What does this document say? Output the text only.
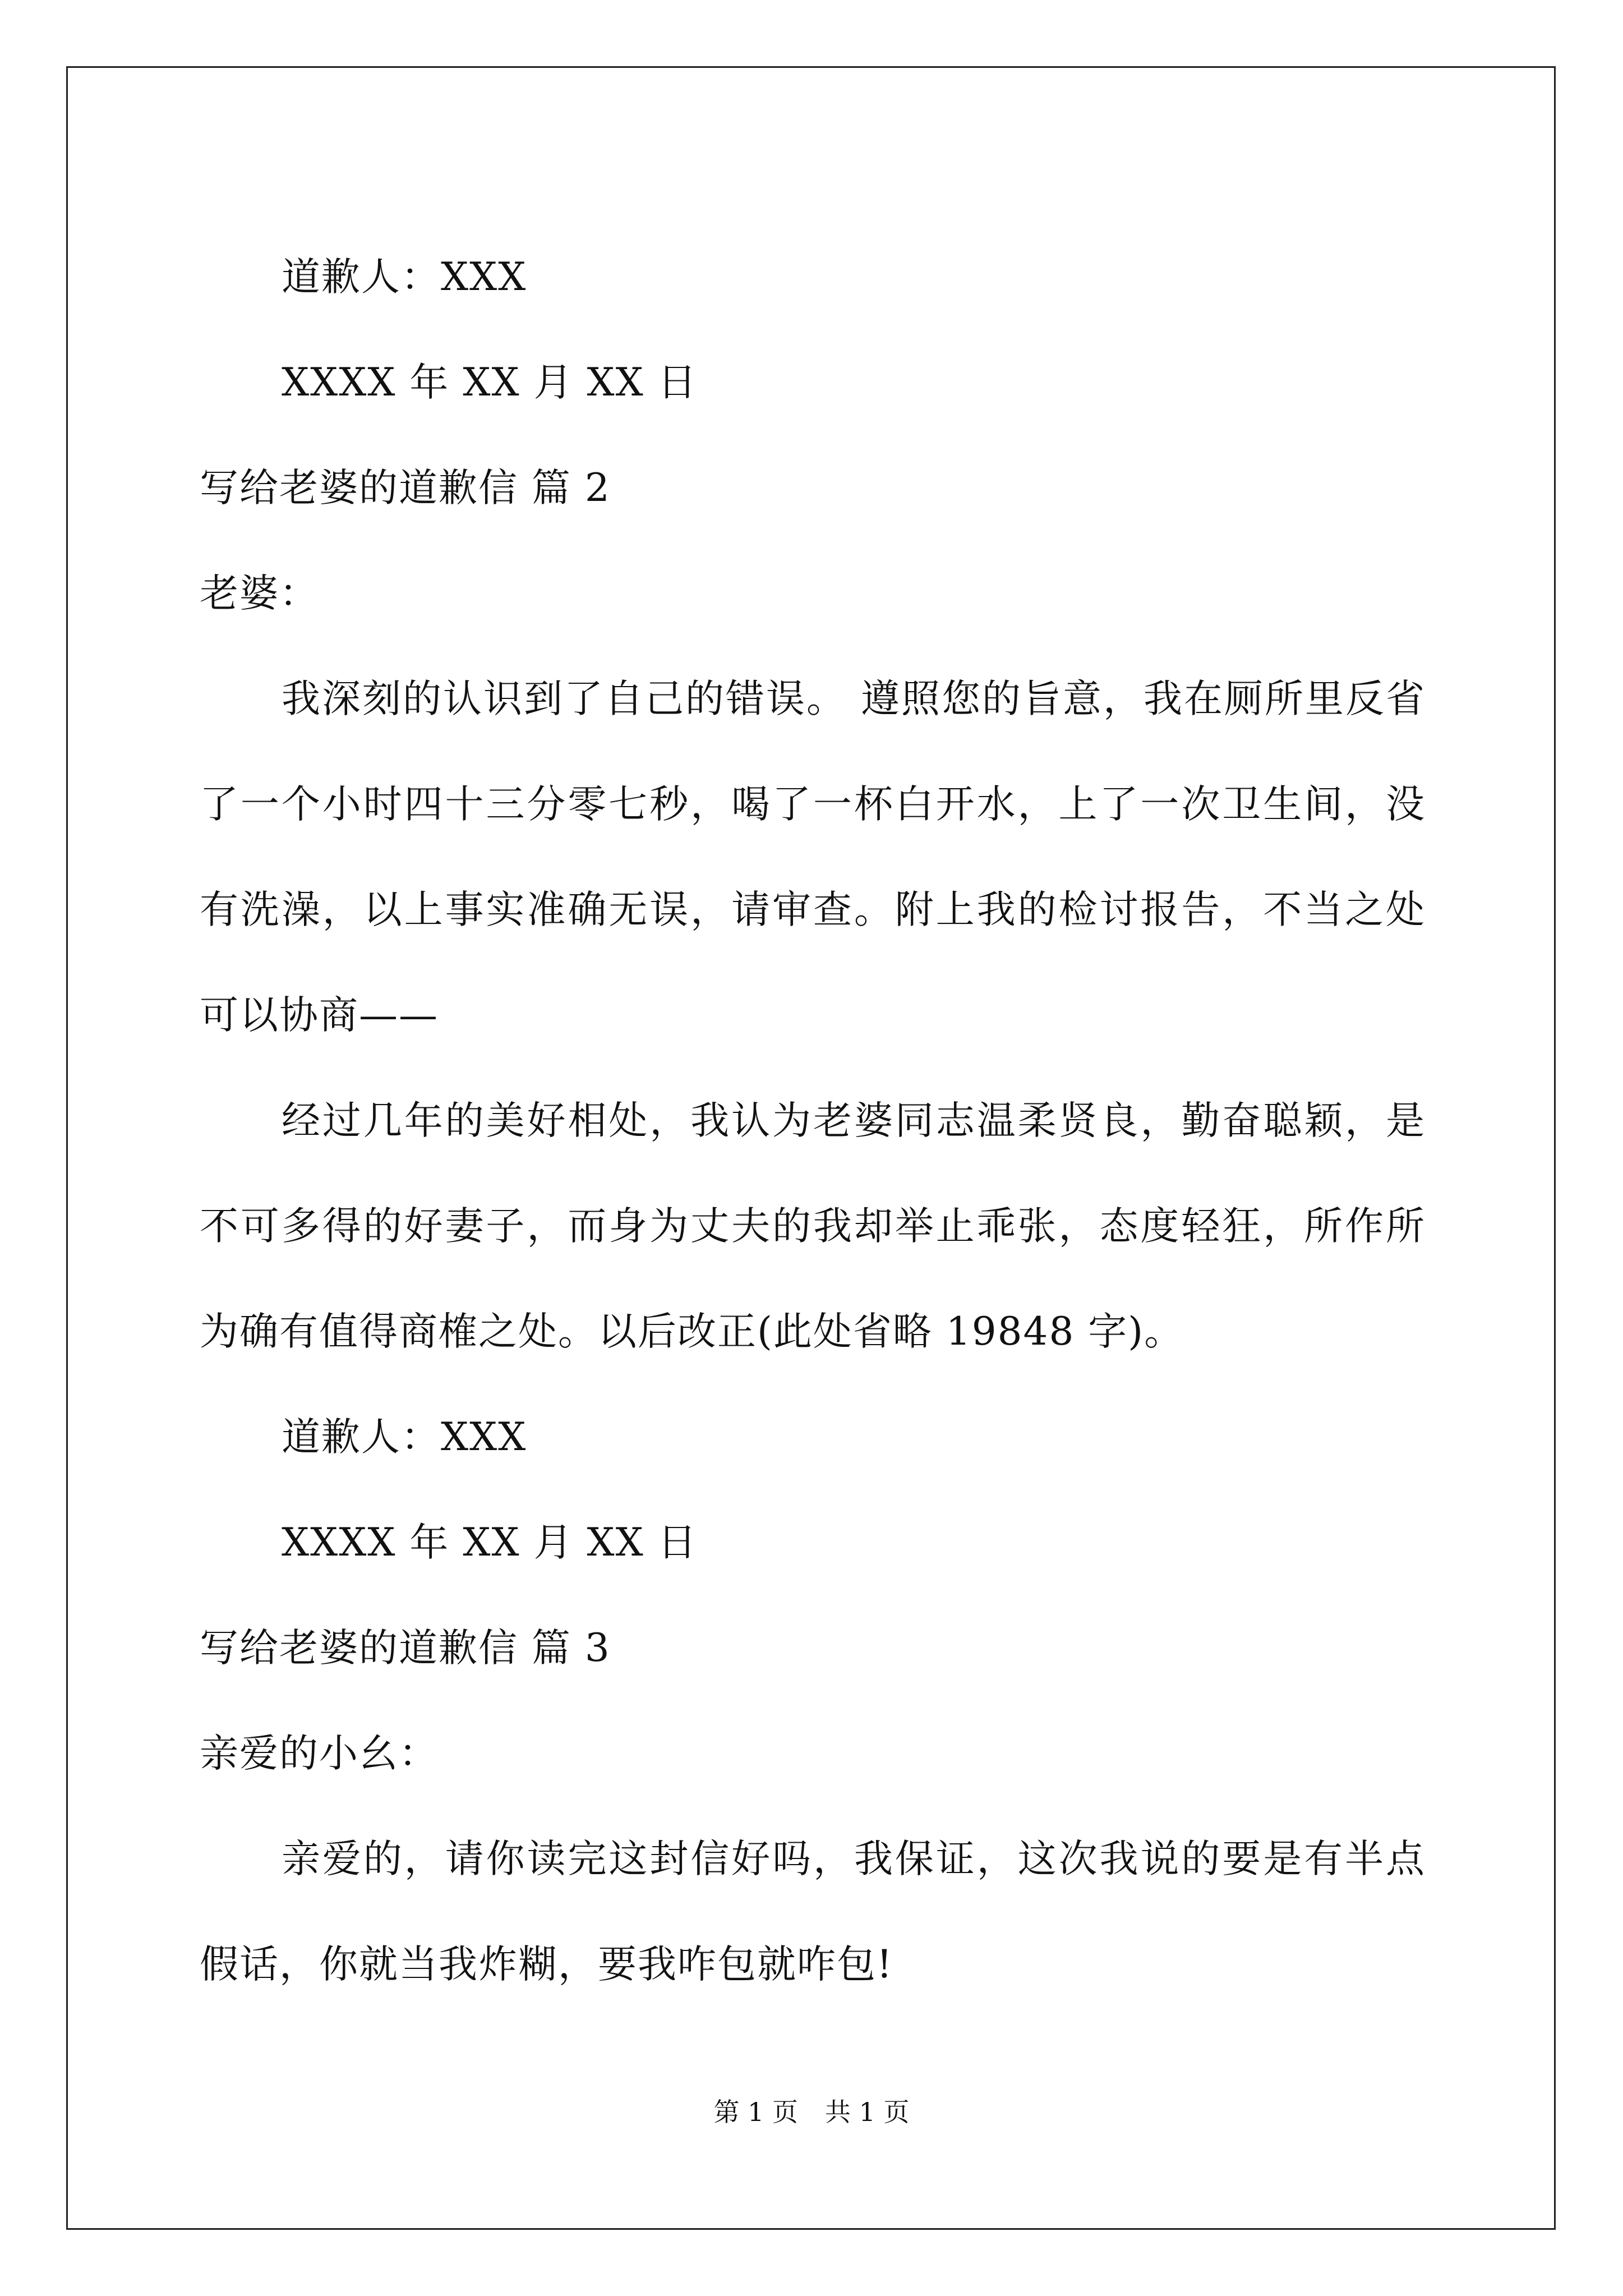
道歉人：XXX
XXXX 年 XX 月 XX 日
写给老婆的道歉信 篇 2
老婆：

我深刻的认识到了自己的错误。 遵照您的旨意，我在厕所里反省了一个小时四十三分零七秒，喝了一杯白开水，上了一次卫生间，没有洗澡，以上事实准确无误，请审查。附上我的检讨报告，不当之处可以协商——

经过几年的美好相处，我认为老婆同志温柔贤良，勤奋聪颖，是不可多得的好妻子，而身为丈夫的我却举止乖张，态度轻狂，所作所为确有值得商榷之处。以后改正(此处省略 19848 字)。

道歉人：XXX
XXXX 年 XX 月 XX 日
写给老婆的道歉信 篇 3
亲爱的小幺：

亲爱的，请你读完这封信好吗，我保证，这次我说的要是有半点假话，你就当我炸糊，要我咋包就咋包!

第 1 页 共 1 页
